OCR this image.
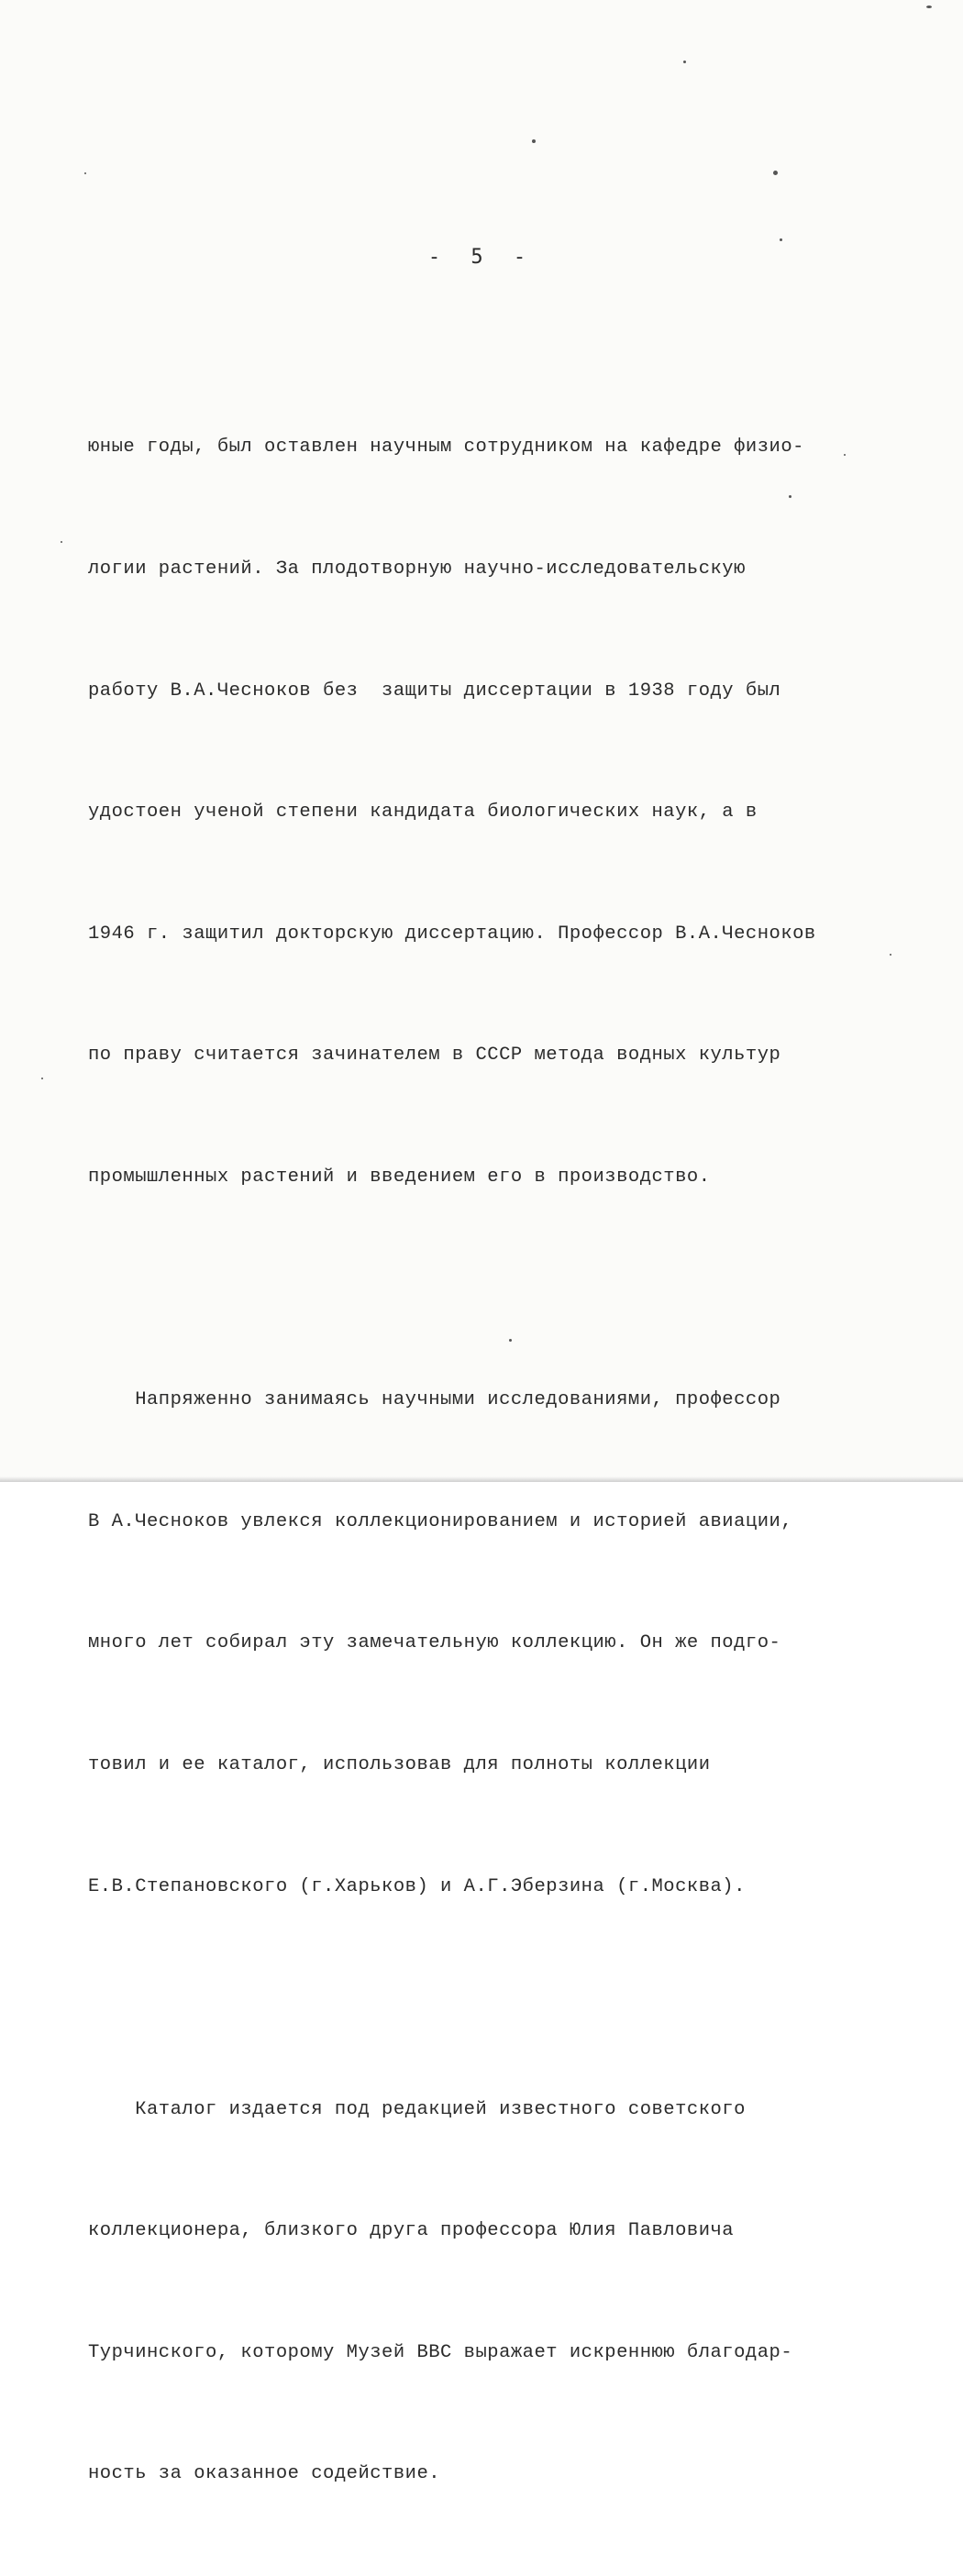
- 5 -

юные годы, был оставлен научным сотрудником на кафедре физио-

логии растений. За плодотворную научно-исследовательскую

работу В.А.Чесноков без  защиты диссертации в 1938 году был

удостоен ученой степени кандидата биологических наук, а в

1946 г. защитил докторскую диссертацию. Профессор В.А.Чесноков

по праву считается зачинателем в СССР метода водных культур

промышленных растений и введением его в производство.

Напряженно занимаясь научными исследованиями, профессор

В А.Чесноков увлекся коллекционированием и историей авиации,

много лет собирал эту замечательную коллекцию. Он же подго-

товил и ее каталог, использовав для полноты коллекции

Е.В.Степановского (г.Харьков) и А.Г.Эберзина (г.Москва).

Каталог издается под редакцией известного советского

коллекционера, близкого друга профессора Юлия Павловича

Турчинского, которому Музей ВВС выражает искреннюю благодар-

ность за оказанное содействие.
